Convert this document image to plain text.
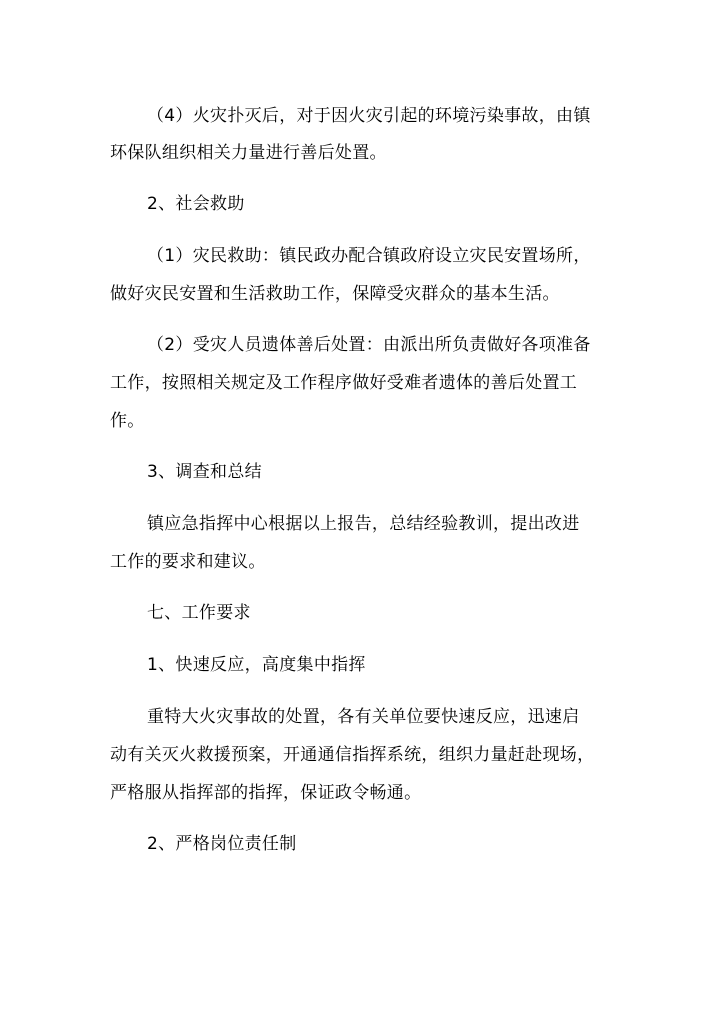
（4）火灾扑灭后，对于因火灾引起的环境污染事故，由镇
环保队组织相关力量进行善后处置。
2、社会救助
（1）灾民救助：镇民政办配合镇政府设立灾民安置场所，
做好灾民安置和生活救助工作，保障受灾群众的基本生活。
（2）受灾人员遗体善后处置：由派出所负责做好各项准备
工作，按照相关规定及工作程序做好受难者遗体的善后处置工
作。
3、调查和总结
镇应急指挥中心根据以上报告，总结经验教训，提出改进
工作的要求和建议。
七、工作要求
1、快速反应，高度集中指挥
重特大火灾事故的处置，各有关单位要快速反应，迅速启
动有关灭火救援预案，开通通信指挥系统，组织力量赶赴现场，
严格服从指挥部的指挥，保证政令畅通。
2、严格岗位责任制
